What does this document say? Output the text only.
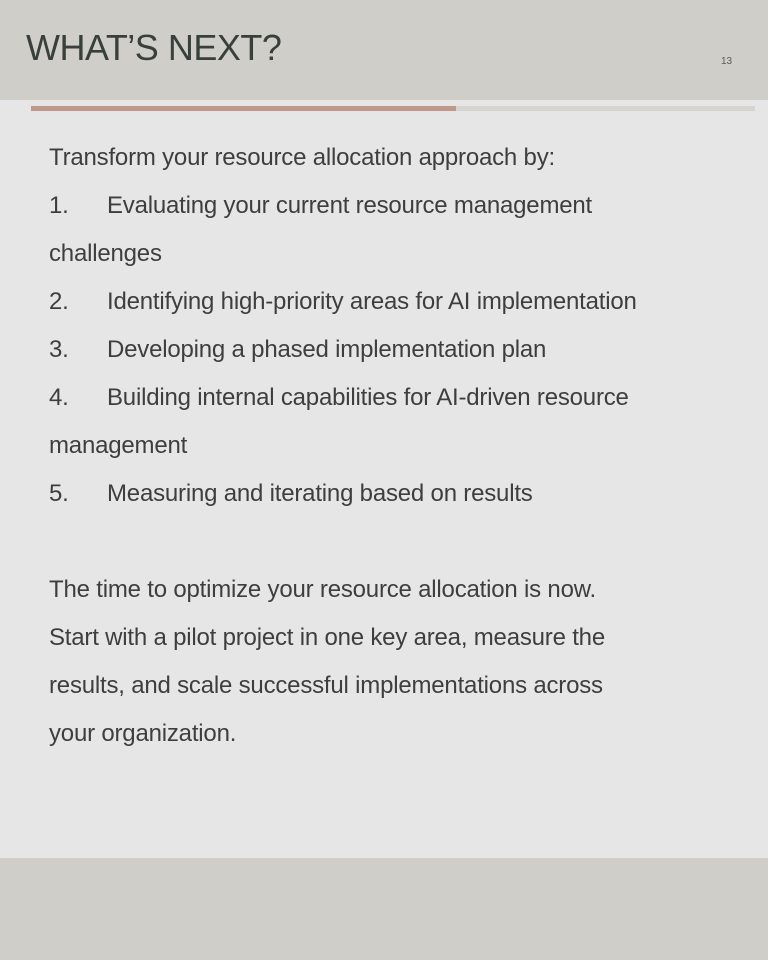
WHAT’S NEXT?	13
Transform your resource allocation approach by:
1. Evaluating your current resource management
challenges
2. Identifying high-priority areas for AI implementation
3. Developing a phased implementation plan
4. Building internal capabilities for AI-driven resource
management
5. Measuring and iterating based on results
The time to optimize your resource allocation is now.
Start with a pilot project in one key area, measure the
results, and scale successful implementations across
your organization.
